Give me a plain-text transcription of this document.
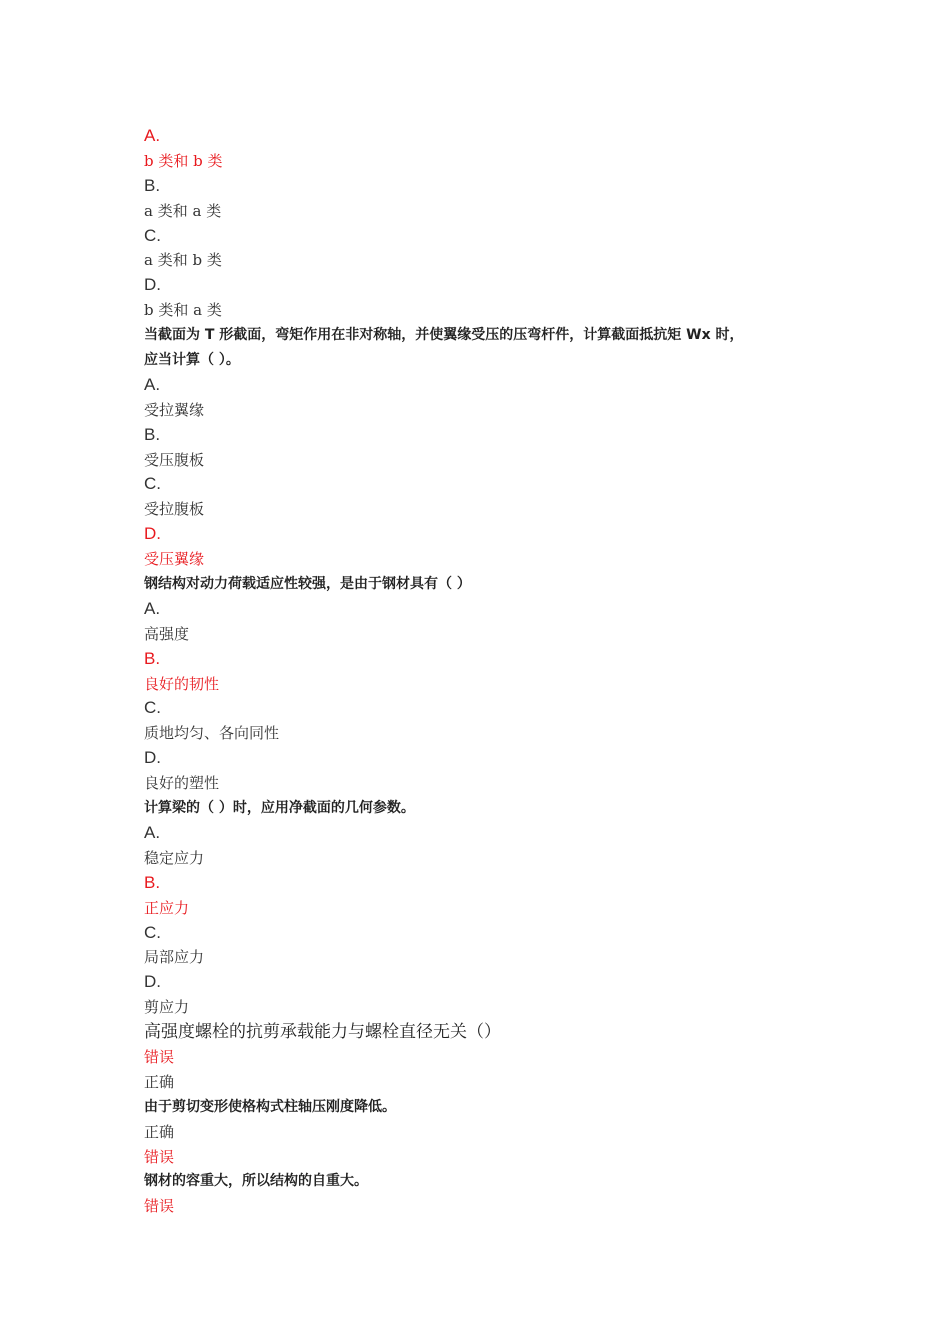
A.
b 类和 b 类
B.
a 类和 a 类
C.
a 类和 b 类
D.
b 类和 a 类
当截面为 T 形截面，弯矩作用在非对称轴，并使翼缘受压的压弯杆件，计算截面抵抗矩 Wx 时，
应当计算（ ）。
A.
受拉翼缘
B.
受压腹板
C.
受拉腹板
D.
受压翼缘
钢结构对动力荷载适应性较强，是由于钢材具有（ ）
A.
高强度
B.
良好的韧性
C.
质地均匀、各向同性
D.
良好的塑性
计算梁的（ ）时，应用净截面的几何参数。
A.
稳定应力
B.
正应力
C.
局部应力
D.
剪应力
高强度螺栓的抗剪承载能力与螺栓直径无关（）
错误
正确
由于剪切变形使格构式柱轴压刚度降低。
正确
错误
钢材的容重大，所以结构的自重大。
错误
